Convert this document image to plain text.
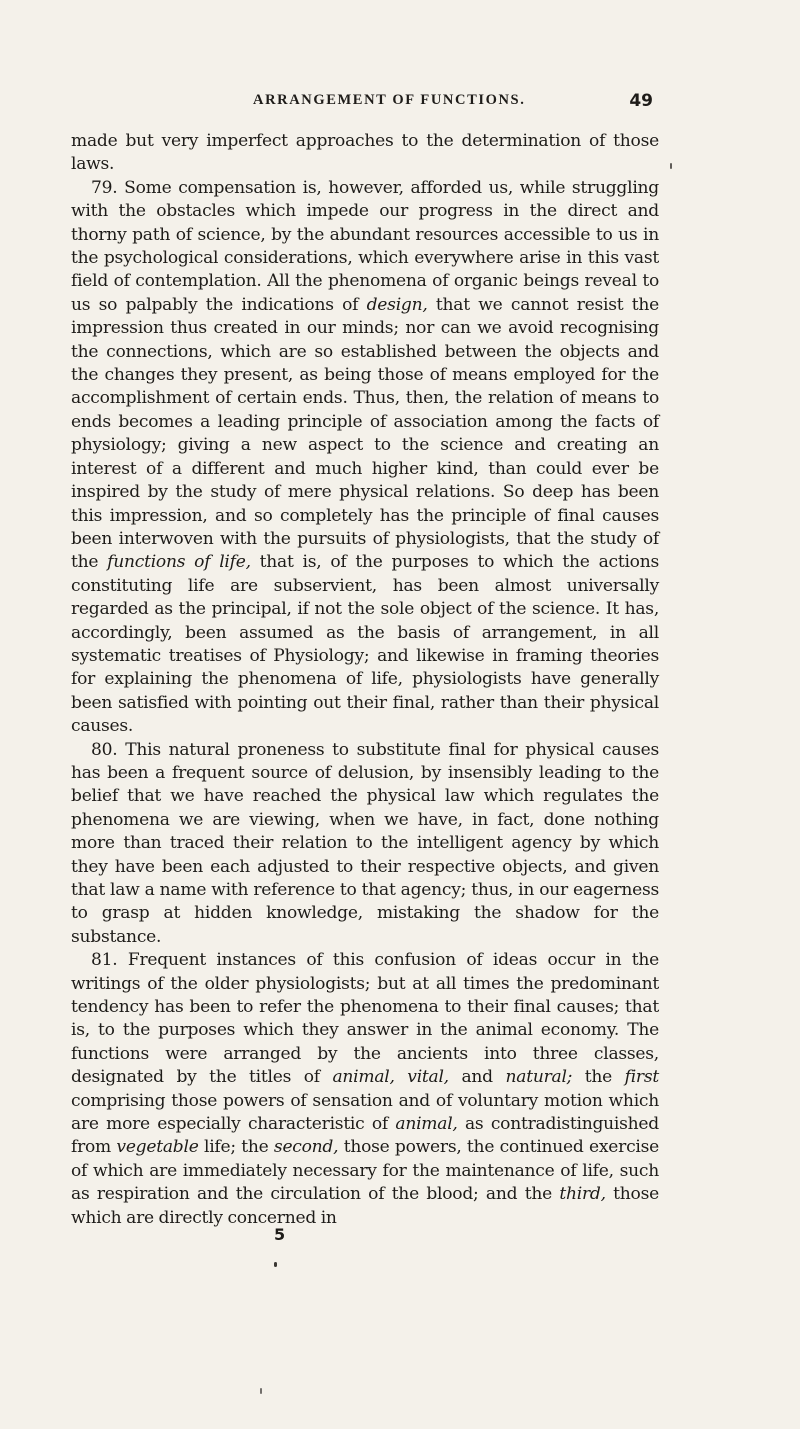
ARRANGEMENT OF FUNCTIONS.	49

made but very imperfect approaches to the determination of those laws.

79. Some compensation is, however, afforded us, while struggling with the obstacles which impede our progress in the direct and thorny path of science, by the abundant resources accessible to us in the psychological considerations, which everywhere arise in this vast field of contemplation. All the phenomena of organic beings reveal to us so palpably the indications of design, that we cannot resist the impression thus created in our minds; nor can we avoid recognising the connections, which are so established between the objects and the changes they present, as being those of means employed for the accomplishment of certain ends. Thus, then, the relation of means to ends becomes a leading principle of association among the facts of physiology; giving a new aspect to the science and creating an interest of a different and much higher kind, than could ever be inspired by the study of mere physical relations. So deep has been this impression, and so completely has the principle of final causes been interwoven with the pursuits of physiologists, that the study of the functions of life, that is, of the purposes to which the actions constituting life are subservient, has been almost universally regarded as the principal, if not the sole object of the science. It has, accordingly, been assumed as the basis of arrangement, in all systematic treatises of Physiology; and likewise in framing theories for explaining the phenomena of life, physiologists have generally been satisfied with pointing out their final, rather than their physical causes.

80. This natural proneness to substitute final for physical causes has been a frequent source of delusion, by insensibly leading to the belief that we have reached the physical law which regulates the phenomena we are viewing, when we have, in fact, done nothing more than traced their relation to the intelligent agency by which they have been each adjusted to their respective objects, and given that law a name with reference to that agency; thus, in our eagerness to grasp at hidden knowledge, mistaking the shadow for the substance.

81. Frequent instances of this confusion of ideas occur in the writings of the older physiologists; but at all times the predominant tendency has been to refer the phenomena to their final causes; that is, to the purposes which they answer in the animal economy. The functions were arranged by the ancients into three classes, designated by the titles of animal, vital, and natural; the first comprising those powers of sensation and of voluntary motion which are more especially characteristic of animal, as contradistinguished from vegetable life; the second, those powers, the continued exercise of which are immediately necessary for the maintenance of life, such as respiration and the circulation of the blood; and the third, those which are directly concerned in

5
